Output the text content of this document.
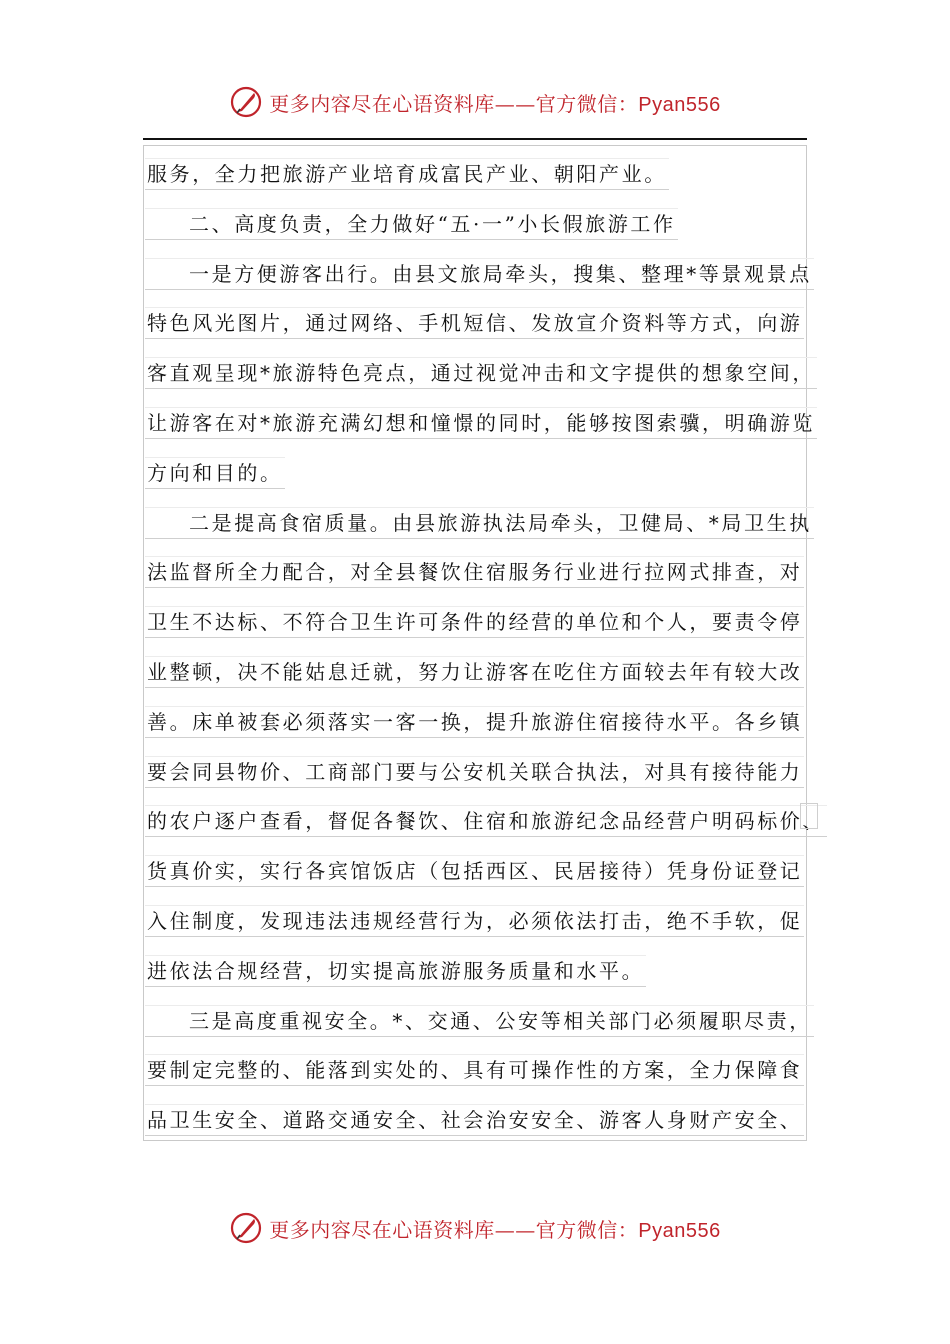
更多内容尽在心语资料库——官方微信：Pyan556
服务，全力把旅游产业培育成富民产业、朝阳产业。
二、高度负责，全力做好“五·一”小长假旅游工作
一是方便游客出行。由县文旅局牵头，搜集、整理*等景观景点
特色风光图片，通过网络、手机短信、发放宣介资料等方式，向游
客直观呈现*旅游特色亮点，通过视觉冲击和文字提供的想象空间，
让游客在对*旅游充满幻想和憧憬的同时，能够按图索骥，明确游览
方向和目的。
二是提高食宿质量。由县旅游执法局牵头，卫健局、*局卫生执
法监督所全力配合，对全县餐饮住宿服务行业进行拉网式排查，对
卫生不达标、不符合卫生许可条件的经营的单位和个人，要责令停
业整顿，决不能姑息迁就，努力让游客在吃住方面较去年有较大改
善。床单被套必须落实一客一换，提升旅游住宿接待水平。各乡镇
要会同县物价、工商部门要与公安机关联合执法，对具有接待能力
的农户逐户查看，督促各餐饮、住宿和旅游纪念品经营户明码标价、
货真价实，实行各宾馆饭店（包括西区、民居接待）凭身份证登记
入住制度，发现违法违规经营行为，必须依法打击，绝不手软，促
进依法合规经营，切实提高旅游服务质量和水平。
三是高度重视安全。*、交通、公安等相关部门必须履职尽责，
要制定完整的、能落到实处的、具有可操作性的方案，全力保障食
品卫生安全、道路交通安全、社会治安安全、游客人身财产安全、
更多内容尽在心语资料库——官方微信：Pyan556
